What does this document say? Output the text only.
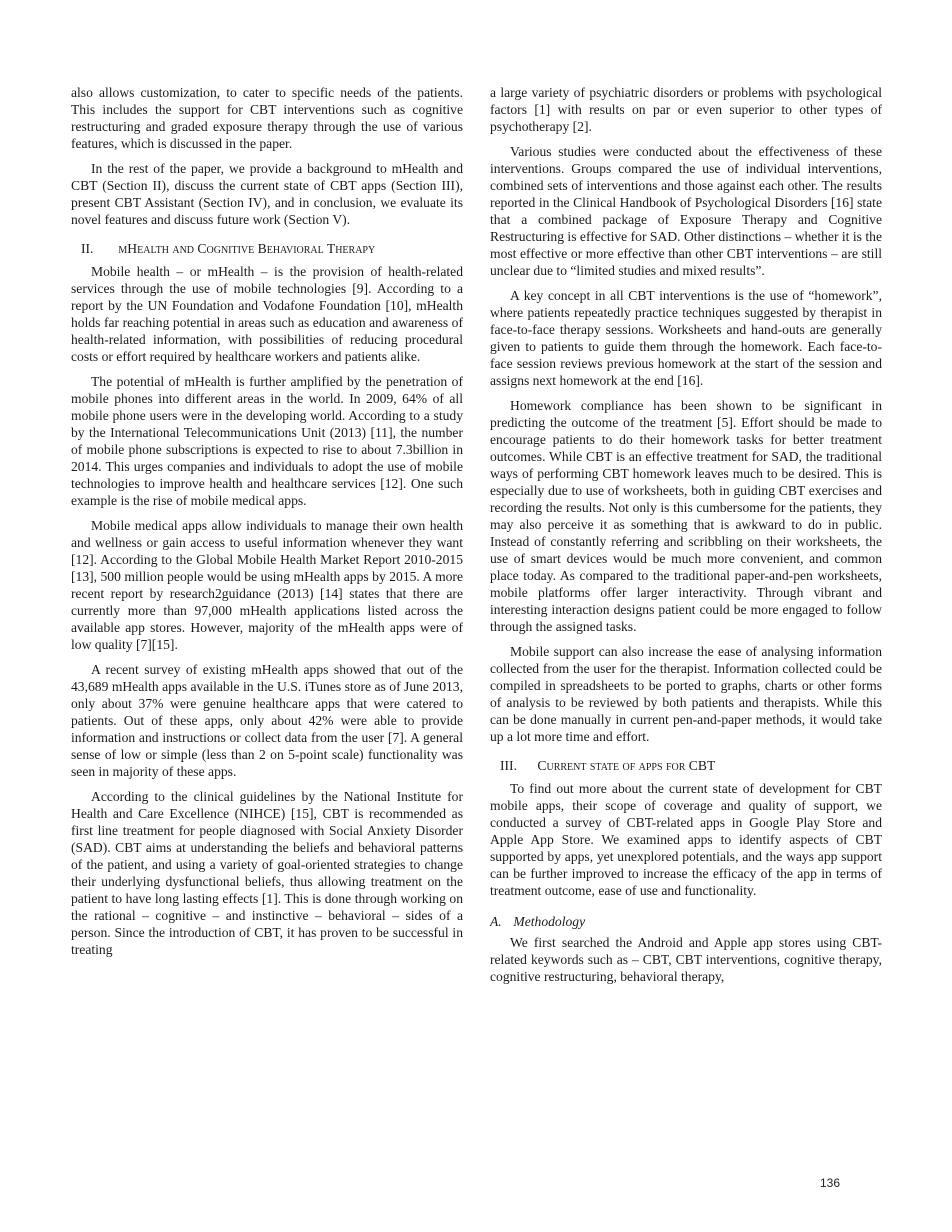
also allows customization, to cater to specific needs of the patients. This includes the support for CBT interventions such as cognitive restructuring and graded exposure therapy through the use of various features, which is discussed in the paper.

In the rest of the paper, we provide a background to mHealth and CBT (Section II), discuss the current state of CBT apps (Section III), present CBT Assistant (Section IV), and in conclusion, we evaluate its novel features and discuss future work (Section V).

II. mHealth and Cognitive Behavioral Therapy

Mobile health – or mHealth – is the provision of health-related services through the use of mobile technologies [9]. According to a report by the UN Foundation and Vodafone Foundation [10], mHealth holds far reaching potential in areas such as education and awareness of health-related information, with possibilities of reducing procedural costs or effort required by healthcare workers and patients alike.

The potential of mHealth is further amplified by the penetration of mobile phones into different areas in the world. In 2009, 64% of all mobile phone users were in the developing world. According to a study by the International Telecommunications Unit (2013) [11], the number of mobile phone subscriptions is expected to rise to about 7.3billion in 2014. This urges companies and individuals to adopt the use of mobile technologies to improve health and healthcare services [12]. One such example is the rise of mobile medical apps.

Mobile medical apps allow individuals to manage their own health and wellness or gain access to useful information whenever they want [12]. According to the Global Mobile Health Market Report 2010-2015 [13], 500 million people would be using mHealth apps by 2015. A more recent report by research2guidance (2013) [14] states that there are currently more than 97,000 mHealth applications listed across the available app stores. However, majority of the mHealth apps were of low quality [7][15].

A recent survey of existing mHealth apps showed that out of the 43,689 mHealth apps available in the U.S. iTunes store as of June 2013, only about 37% were genuine healthcare apps that were catered to patients. Out of these apps, only about 42% were able to provide information and instructions or collect data from the user [7]. A general sense of low or simple (less than 2 on 5-point scale) functionality was seen in majority of these apps.

According to the clinical guidelines by the National Institute for Health and Care Excellence (NIHCE) [15], CBT is recommended as first line treatment for people diagnosed with Social Anxiety Disorder (SAD). CBT aims at understanding the beliefs and behavioral patterns of the patient, and using a variety of goal-oriented strategies to change their underlying dysfunctional beliefs, thus allowing treatment on the patient to have long lasting effects [1]. This is done through working on the rational – cognitive – and instinctive – behavioral – sides of a person. Since the introduction of CBT, it has proven to be successful in treating

a large variety of psychiatric disorders or problems with psychological factors [1] with results on par or even superior to other types of psychotherapy [2].

Various studies were conducted about the effectiveness of these interventions. Groups compared the use of individual interventions, combined sets of interventions and those against each other. The results reported in the Clinical Handbook of Psychological Disorders [16] state that a combined package of Exposure Therapy and Cognitive Restructuring is effective for SAD. Other distinctions – whether it is the most effective or more effective than other CBT interventions – are still unclear due to “limited studies and mixed results”.

A key concept in all CBT interventions is the use of “homework”, where patients repeatedly practice techniques suggested by therapist in face-to-face therapy sessions. Worksheets and hand-outs are generally given to patients to guide them through the homework. Each face-to-face session reviews previous homework at the start of the session and assigns next homework at the end [16].

Homework compliance has been shown to be significant in predicting the outcome of the treatment [5]. Effort should be made to encourage patients to do their homework tasks for better treatment outcomes. While CBT is an effective treatment for SAD, the traditional ways of performing CBT homework leaves much to be desired. This is especially due to use of worksheets, both in guiding CBT exercises and recording the results. Not only is this cumbersome for the patients, they may also perceive it as something that is awkward to do in public. Instead of constantly referring and scribbling on their worksheets, the use of smart devices would be much more convenient, and common place today. As compared to the traditional paper-and-pen worksheets, mobile platforms offer larger interactivity. Through vibrant and interesting interaction designs patient could be more engaged to follow through the assigned tasks.

Mobile support can also increase the ease of analysing information collected from the user for the therapist. Information collected could be compiled in spreadsheets to be ported to graphs, charts or other forms of analysis to be reviewed by both patients and therapists. While this can be done manually in current pen-and-paper methods, it would take up a lot more time and effort.

III. Current state of apps for CBT

To find out more about the current state of development for CBT mobile apps, their scope of coverage and quality of support, we conducted a survey of CBT-related apps in Google Play Store and Apple App Store. We examined apps to identify aspects of CBT supported by apps, yet unexplored potentials, and the ways app support can be further improved to increase the efficacy of the app in terms of treatment outcome, ease of use and functionality.

A. Methodology

We first searched the Android and Apple app stores using CBT-related keywords such as – CBT, CBT interventions, cognitive therapy, cognitive restructuring, behavioral therapy,

136
